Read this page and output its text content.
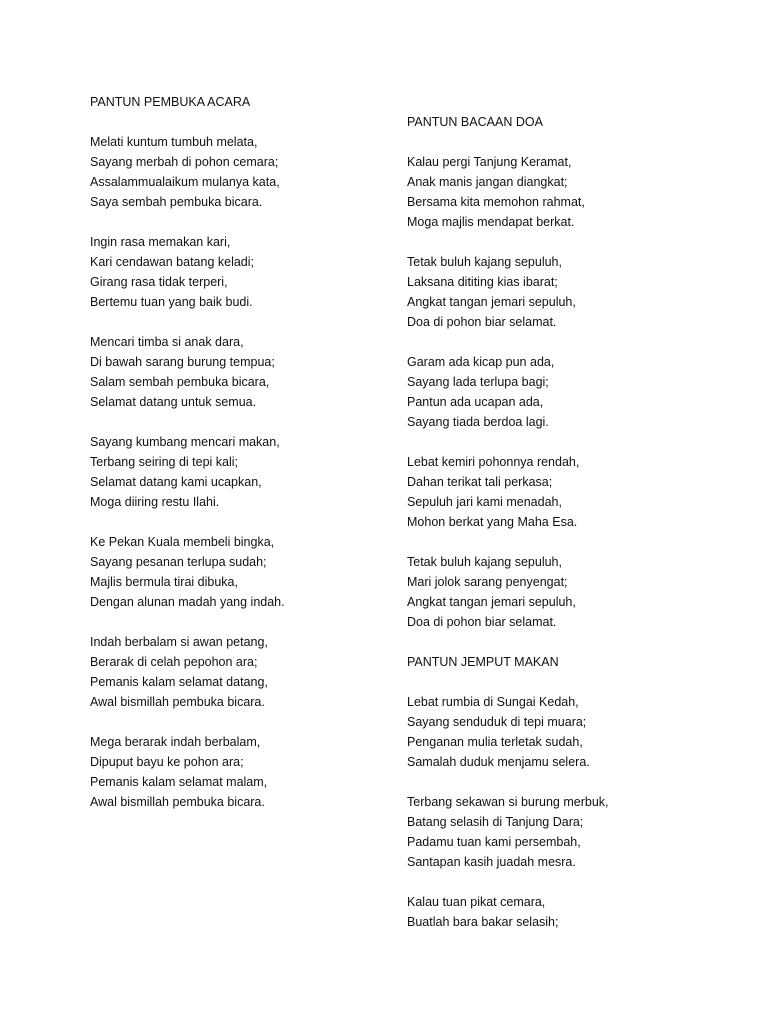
PANTUN PEMBUKA ACARA
Melati kuntum tumbuh melata,
Sayang merbah di pohon cemara;
Assalammualaikum mulanya kata,
Saya sembah pembuka bicara.
Ingin rasa memakan kari,
Kari cendawan batang keladi;
Girang rasa tidak terperi,
Bertemu tuan yang baik budi.
Mencari timba si anak dara,
Di bawah sarang burung tempua;
Salam sembah pembuka bicara,
Selamat datang untuk semua.
Sayang kumbang mencari makan,
Terbang seiring di tepi kali;
Selamat datang kami ucapkan,
Moga diiring restu Ilahi.
Ke Pekan Kuala membeli bingka,
Sayang pesanan terlupa sudah;
Majlis bermula tirai dibuka,
Dengan alunan madah yang indah.
Indah berbalam si awan petang,
Berarak di celah pepohon ara;
Pemanis kalam selamat datang,
Awal bismillah pembuka bicara.
Mega berarak indah berbalam,
Dipuput bayu ke pohon ara;
Pemanis kalam selamat malam,
Awal bismillah pembuka bicara.
PANTUN BACAAN DOA
Kalau pergi Tanjung Keramat,
Anak manis jangan diangkat;
Bersama kita memohon rahmat,
Moga majlis mendapat berkat.
Tetak buluh kajang sepuluh,
Laksana dititing kias ibarat;
Angkat tangan jemari sepuluh,
Doa di pohon biar selamat.
Garam ada kicap pun ada,
Sayang lada terlupa bagi;
Pantun ada ucapan ada,
Sayang tiada berdoa lagi.
Lebat kemiri pohonnya rendah,
Dahan terikat tali perkasa;
Sepuluh jari kami menadah,
Mohon berkat yang Maha Esa.
Tetak buluh kajang sepuluh,
Mari jolok sarang penyengat;
Angkat tangan jemari sepuluh,
Doa di pohon biar selamat.
PANTUN JEMPUT MAKAN
Lebat rumbia di Sungai Kedah,
Sayang senduduk di tepi muara;
Penganan mulia terletak sudah,
Samalah duduk menjamu selera.
Terbang sekawan si burung merbuk,
Batang selasih di Tanjung Dara;
Padamu tuan kami persembah,
Santapan kasih juadah mesra.
Kalau tuan pikat cemara,
Buatlah bara bakar selasih;
